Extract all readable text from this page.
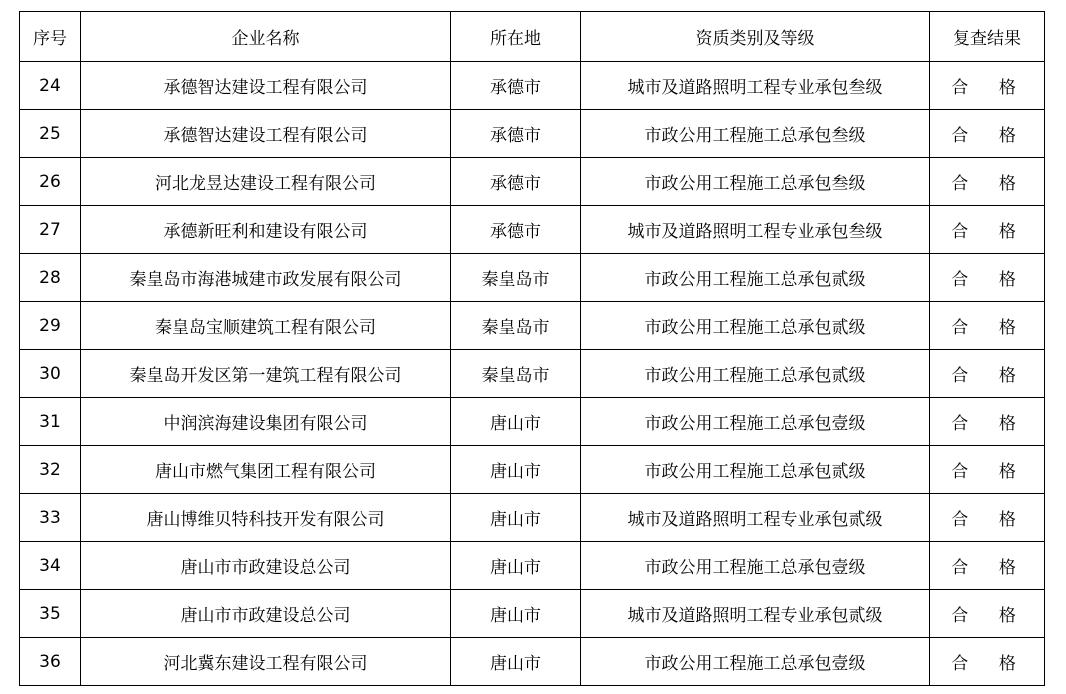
序号	企业名称	所在地	资质类别及等级	复查结果
24	承德智达建设工程有限公司	承德市	城市及道路照明工程专业承包叁级	合　格
25	承德智达建设工程有限公司	承德市	市政公用工程施工总承包叁级	合　格
26	河北龙昱达建设工程有限公司	承德市	市政公用工程施工总承包叁级	合　格
27	承德新旺利和建设有限公司	承德市	城市及道路照明工程专业承包叁级	合　格
28	秦皇岛市海港城建市政发展有限公司	秦皇岛市	市政公用工程施工总承包贰级	合　格
29	秦皇岛宝顺建筑工程有限公司	秦皇岛市	市政公用工程施工总承包贰级	合　格
30	秦皇岛开发区第一建筑工程有限公司	秦皇岛市	市政公用工程施工总承包贰级	合　格
31	中润滨海建设集团有限公司	唐山市	市政公用工程施工总承包壹级	合　格
32	唐山市燃气集团工程有限公司	唐山市	市政公用工程施工总承包贰级	合　格
33	唐山博维贝特科技开发有限公司	唐山市	城市及道路照明工程专业承包贰级	合　格
34	唐山市市政建设总公司	唐山市	市政公用工程施工总承包壹级	合　格
35	唐山市市政建设总公司	唐山市	城市及道路照明工程专业承包贰级	合　格
36	河北冀东建设工程有限公司	唐山市	市政公用工程施工总承包壹级	合　格
